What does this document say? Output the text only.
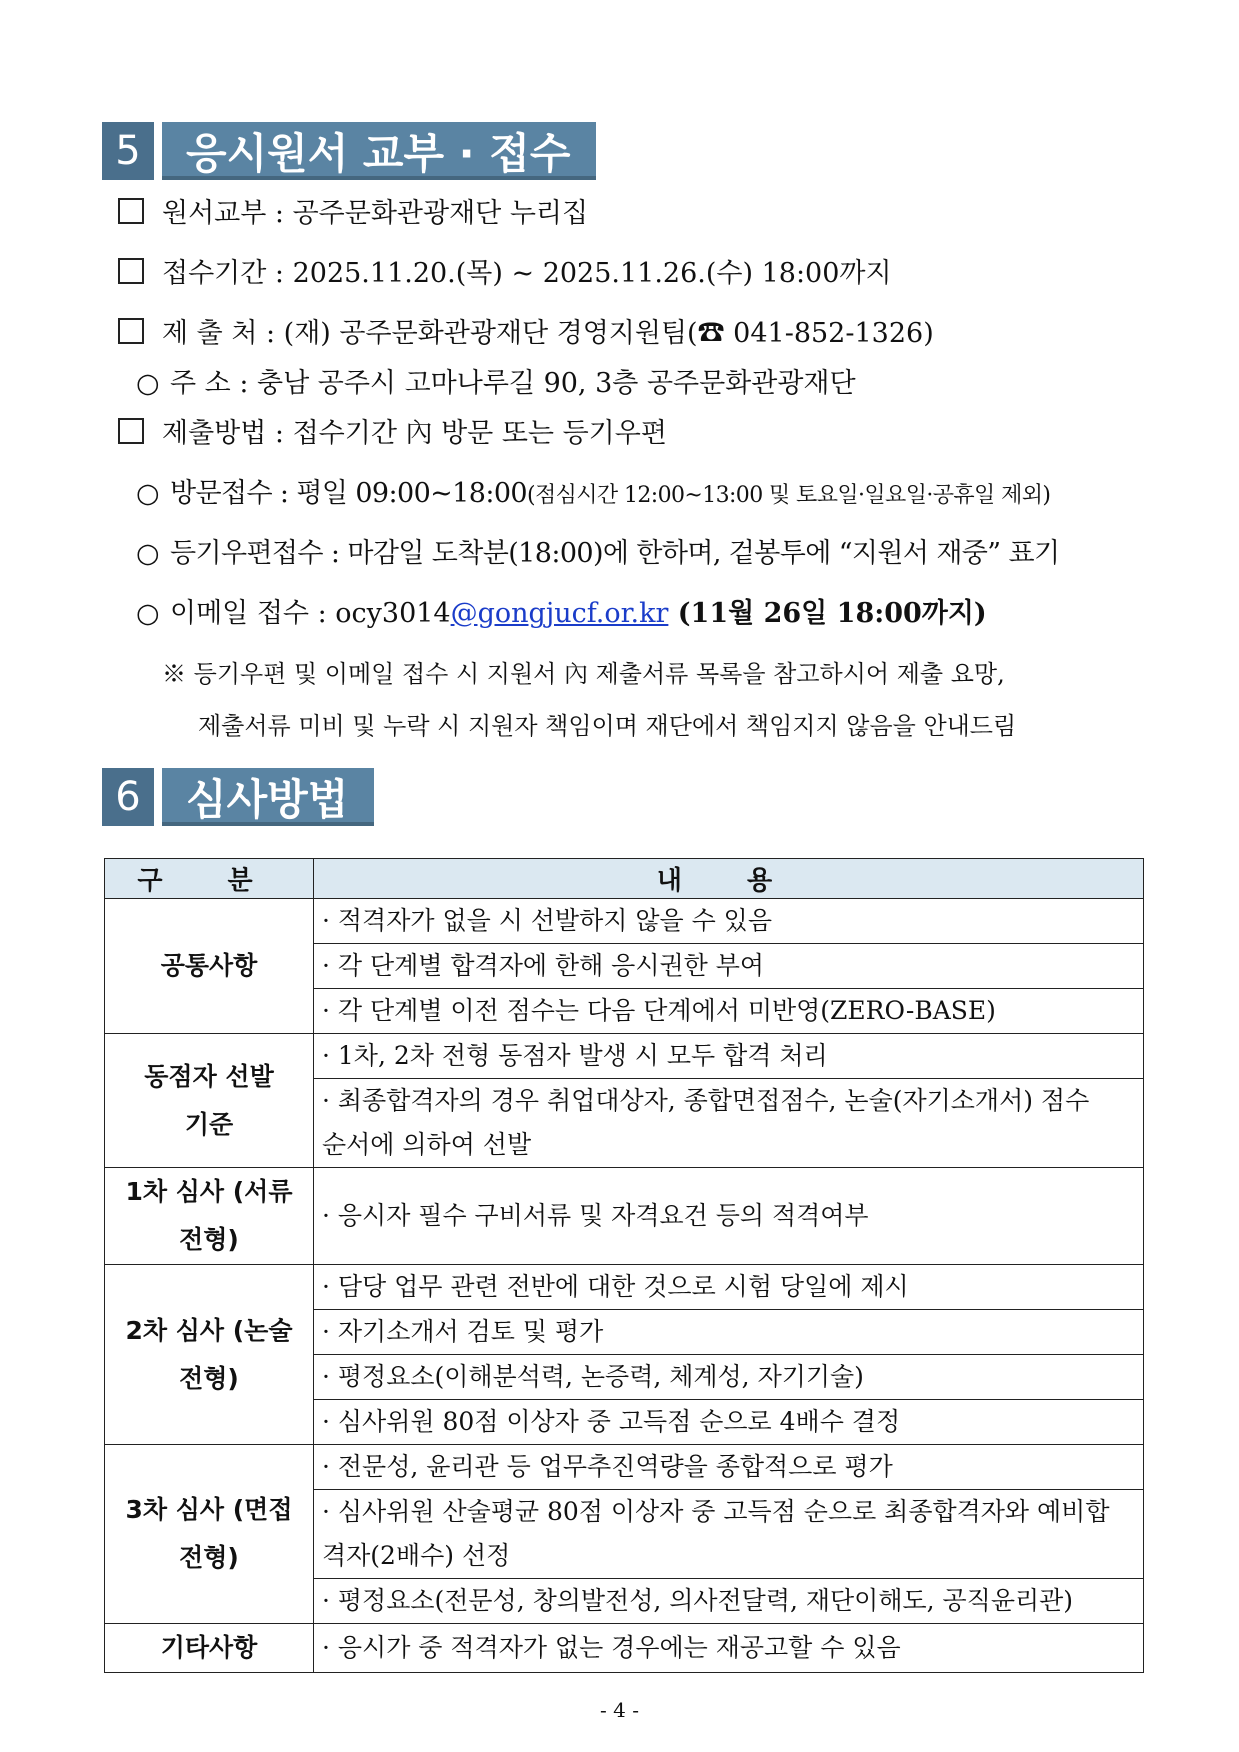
5	응시원서 교부 · 접수
원서교부 : 공주문화관광재단 누리집
접수기간 : 2025.11.20.(목) ~ 2025.11.26.(수) 18:00까지
제 출 처 : (재) 공주문화관광재단 경영지원팀(☎ 041-852-1326)
○ 주 소 : 충남 공주시 고마나루길 90, 3층 공주문화관광재단
제출방법 : 접수기간 內 방문 또는 등기우편
○ 방문접수 : 평일 09:00~18:00(점심시간 12:00~13:00 및 토요일·일요일·공휴일 제외)
○ 등기우편접수 : 마감일 도착분(18:00)에 한하며, 겉봉투에 “지원서 재중” 표기
○ 이메일 접수 : ocy3014@gongjucf.or.kr (11월 26일 18:00까지)
※ 등기우편 및 이메일 접수 시 지원서 內 제출서류 목록을 참고하시어 제출 요망,
제출서류 미비 및 누락 시 지원자 책임이며 재단에서 책임지지 않음을 안내드림
6	심사방법
구 분	내 용
공통사항	· 적격자가 없을 시 선발하지 않을 수 있음
	· 각 단계별 합격자에 한해 응시권한 부여
	· 각 단계별 이전 점수는 다음 단계에서 미반영(ZERO-BASE)
동점자 선발기준	· 1차, 2차 전형 동점자 발생 시 모두 합격 처리
	· 최종합격자의 경우 취업대상자, 종합면접점수, 논술(자기소개서) 점수 순서에 의하여 선발
1차 심사 (서류 전형)	· 응시자 필수 구비서류 및 자격요건 등의 적격여부
2차 심사 (논술 전형)	· 담당 업무 관련 전반에 대한 것으로 시험 당일에 제시
	· 자기소개서 검토 및 평가
	· 평정요소(이해분석력, 논증력, 체계성, 자기기술)
	· 심사위원 80점 이상자 중 고득점 순으로 4배수 결정
3차 심사 (면접 전형)	· 전문성, 윤리관 등 업무추진역량을 종합적으로 평가
	· 심사위원 산술평균 80점 이상자 중 고득점 순으로 최종합격자와 예비합격자(2배수) 선정
	· 평정요소(전문성, 창의발전성, 의사전달력, 재단이해도, 공직윤리관)
기타사항	· 응시가 중 적격자가 없는 경우에는 재공고할 수 있음
- 4 -
